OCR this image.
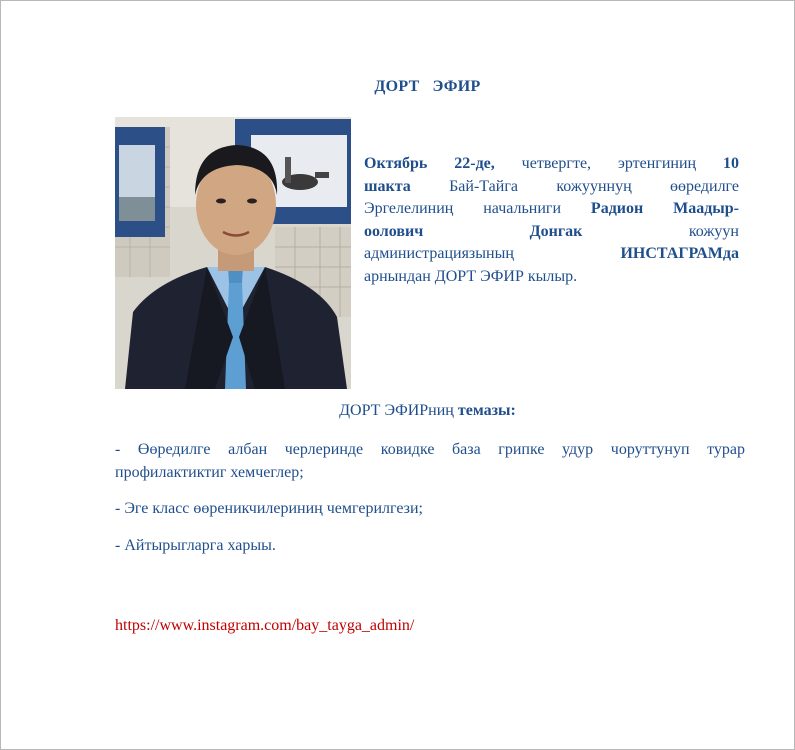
ДОРТ   ЭФИР
Октябрь 22-де, четвергте, эртенгиниң 10
шакта Бай-Тайга кожууннуң өөредилге
Эргелелиниң начальниги Радион Маадыр-
оолович	Донгак	кожуун
администрациязының	ИНСТАГРАМда
арнындан ДОРТ ЭФИР кылыр.
ДОРТ ЭФИРниң темазы:
- Өөредилге албан черлеринде ковидке база грипке удур чоруттунуп турар
профилактиктиг хемчеглер;
- Эге класс өөреникчилериниң чемгерилгези;
- Айтырыгларга харыы.
https://www.instagram.com/bay_tayga_admin/
